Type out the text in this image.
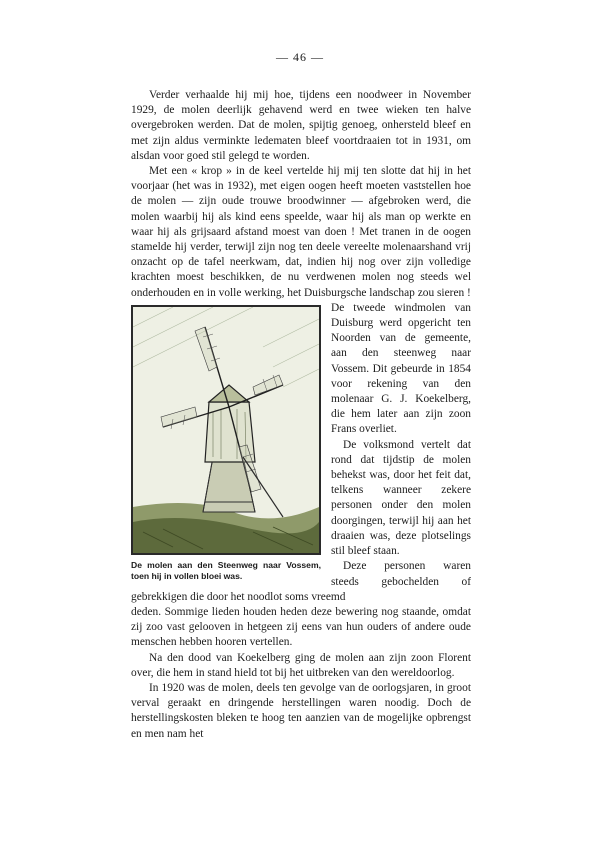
— 46 —

Verder verhaalde hij mij hoe, tijdens een noodweer in November 1929, de molen deerlijk gehavend werd en twee wieken ten halve overgebroken werden. Dat de molen, spijtig genoeg, onhersteld bleef en met zijn aldus verminkte ledematen bleef voortdraaien tot in 1931, om alsdan voor goed stil gelegd te worden.

Met een « krop » in de keel vertelde hij mij ten slotte dat hij in het voorjaar (het was in 1932), met eigen oogen heeft moeten vaststellen hoe de molen — zijn oude trouwe broodwinner — afgebroken werd, die molen waarbij hij als kind eens speelde, waar hij als man op werkte en waar hij als grijsaard afstand moest van doen ! Met tranen in de oogen stamelde hij verder, terwijl zijn nog ten deele vereelte molenaarshand vrij onzacht op de tafel neerkwam, dat, indien hij nog over zijn volledige krachten moest beschikken, de nu verdwenen molen nog steeds wel onderhouden en in volle werking, het Duisburgsche landschap zou sieren !

De molen aan den Steenweg naar Vossem, toen hij in vollen bloei was.

De tweede windmolen van Duisburg werd opgericht ten Noorden van de gemeente, aan den steenweg naar Vossem. Dit gebeurde in 1854 voor rekening van den molenaar G. J. Koekelberg, die hem later aan zijn zoon Frans overliet.

De volksmond vertelt dat rond dat tijdstip de molen behekst was, door het feit dat, telkens wanneer zekere personen onder den molen doorgingen, terwijl hij aan het draaien was, deze plotselings stil bleef staan.

Deze personen waren steeds gebochelden of gebrekkigen die door het noodlot soms vreemd

deden. Sommige lieden houden heden deze bewering nog staande, omdat zij zoo vast gelooven in hetgeen zij eens van hun ouders of andere oude menschen hebben hooren vertellen.

Na den dood van Koekelberg ging de molen aan zijn zoon Florent over, die hem in stand hield tot bij het uitbreken van den wereldoorlog.

In 1920 was de molen, deels ten gevolge van de oorlogsjaren, in groot verval geraakt en dringende herstellingen waren noodig. Doch de herstellingskosten bleken te hoog ten aanzien van de mogelijke opbrengst en men nam het
